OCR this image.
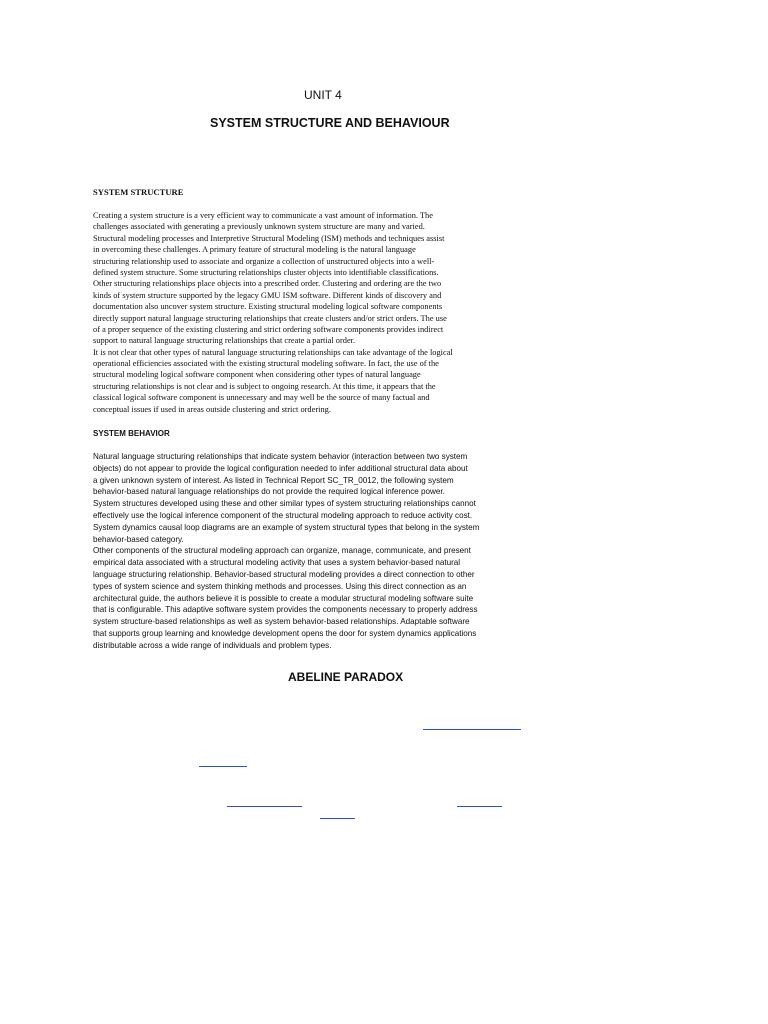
UNIT 4
SYSTEM STRUCTURE AND BEHAVIOUR
SYSTEM STRUCTURE
Creating a system structure is a very efficient way to communicate a vast amount of information. The
challenges associated with generating a previously unknown system structure are many and varied.
Structural modeling processes and Interpretive Structural Modeling (ISM) methods and techniques assist
in overcoming these challenges. A primary feature of structural modeling is the natural language
structuring relationship used to associate and organize a collection of unstructured objects into a well-
defined system structure. Some structuring relationships cluster objects into identifiable classifications.
Other structuring relationships place objects into a prescribed order. Clustering and ordering are the two
kinds of system structure supported by the legacy GMU ISM software. Different kinds of discovery and
documentation also uncover system structure. Existing structural modeling logical software components
directly support natural language structuring relationships that create clusters and/or strict orders. The use
of a proper sequence of the existing clustering and strict ordering software components provides indirect
support to natural language structuring relationships that create a partial order.
It is not clear that other types of natural language structuring relationships can take advantage of the logical
operational efficiencies associated with the existing structural modeling software. In fact, the use of the
structural modeling logical software component when considering other types of natural language
structuring relationships is not clear and is subject to ongoing research. At this time, it appears that the
classical logical software component is unnecessary and may well be the source of many factual and
conceptual issues if used in areas outside clustering and strict ordering.
SYSTEM BEHAVIOR
Natural language structuring relationships that indicate system behavior (interaction between two system
objects) do not appear to provide the logical configuration needed to infer additional structural data about
a given unknown system of interest. As listed in Technical Report SC_TR_0012, the following system
behavior-based natural language relationships do not provide the required logical inference power.
System structures developed using these and other similar types of system structuring relationships cannot
effectively use the logical inference component of the structural modeling approach to reduce activity cost.
System dynamics causal loop diagrams are an example of system structural types that belong in the system
behavior-based category.
Other components of the structural modeling approach can organize, manage, communicate, and present
empirical data associated with a structural modeling activity that uses a system behavior-based natural
language structuring relationship. Behavior-based structural modeling provides a direct connection to other
types of system science and system thinking methods and processes. Using this direct connection as an
architectural guide, the authors believe it is possible to create a modular structural modeling software suite
that is configurable. This adaptive software system provides the components necessary to properly address
system structure-based relationships as well as system behavior-based relationships. Adaptable software
that supports group learning and knowledge development opens the door for system dynamics applications
distributable across a wide range of individuals and problem types.
ABELINE PARADOX
